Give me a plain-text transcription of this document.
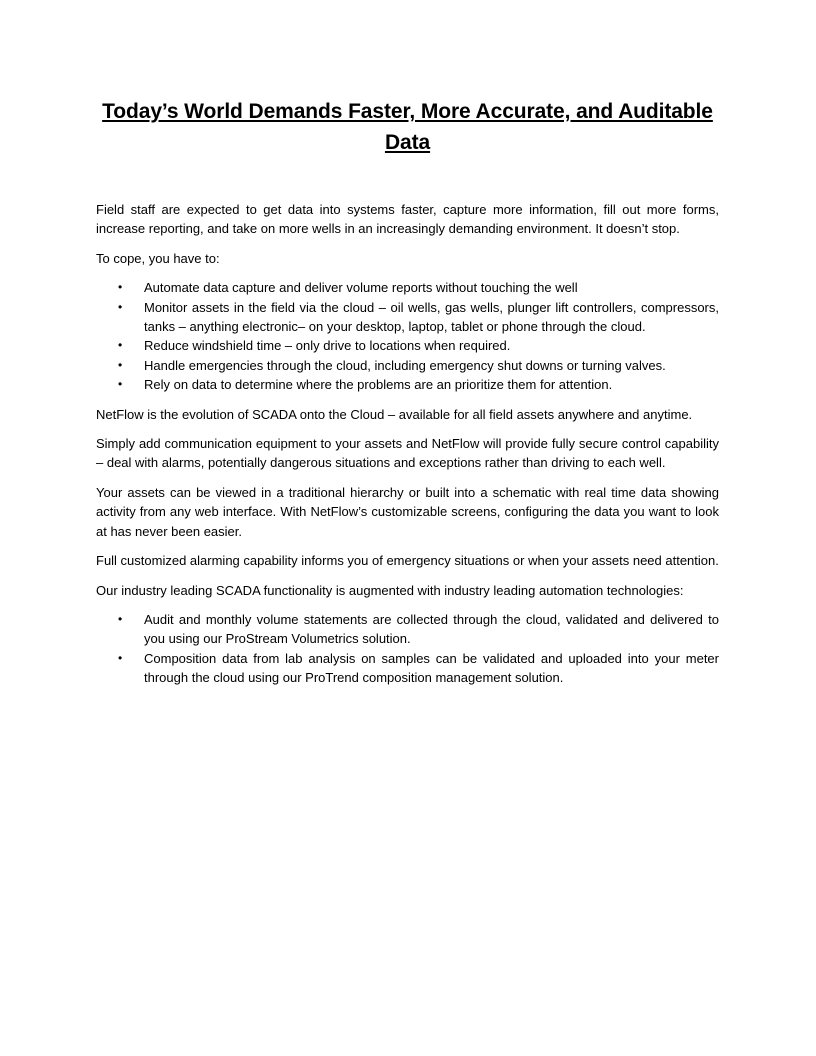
Today’s World Demands Faster, More Accurate, and Auditable Data

Field staff are expected to get data into systems faster, capture more information, fill out more forms, increase reporting, and take on more wells in an increasingly demanding environment. It doesn’t stop.

To cope, you have to:

• Automate data capture and deliver volume reports without touching the well
• Monitor assets in the field via the cloud – oil wells, gas wells, plunger lift controllers, compressors, tanks – anything electronic– on your desktop, laptop, tablet or phone through the cloud.
• Reduce windshield time – only drive to locations when required.
• Handle emergencies through the cloud, including emergency shut downs or turning valves.
• Rely on data to determine where the problems are an prioritize them for attention.

NetFlow is the evolution of SCADA onto the Cloud – available for all field assets anywhere and anytime.

Simply add communication equipment to your assets and NetFlow will provide fully secure control capability – deal with alarms, potentially dangerous situations and exceptions rather than driving to each well.

Your assets can be viewed in a traditional hierarchy or built into a schematic with real time data showing activity from any web interface. With NetFlow’s customizable screens, configuring the data you want to look at has never been easier.

Full customized alarming capability informs you of emergency situations or when your assets need attention.

Our industry leading SCADA functionality is augmented with industry leading automation technologies:

• Audit and monthly volume statements are collected through the cloud, validated and delivered to you using our ProStream Volumetrics solution.
• Composition data from lab analysis on samples can be validated and uploaded into your meter through the cloud using our ProTrend composition management solution.
